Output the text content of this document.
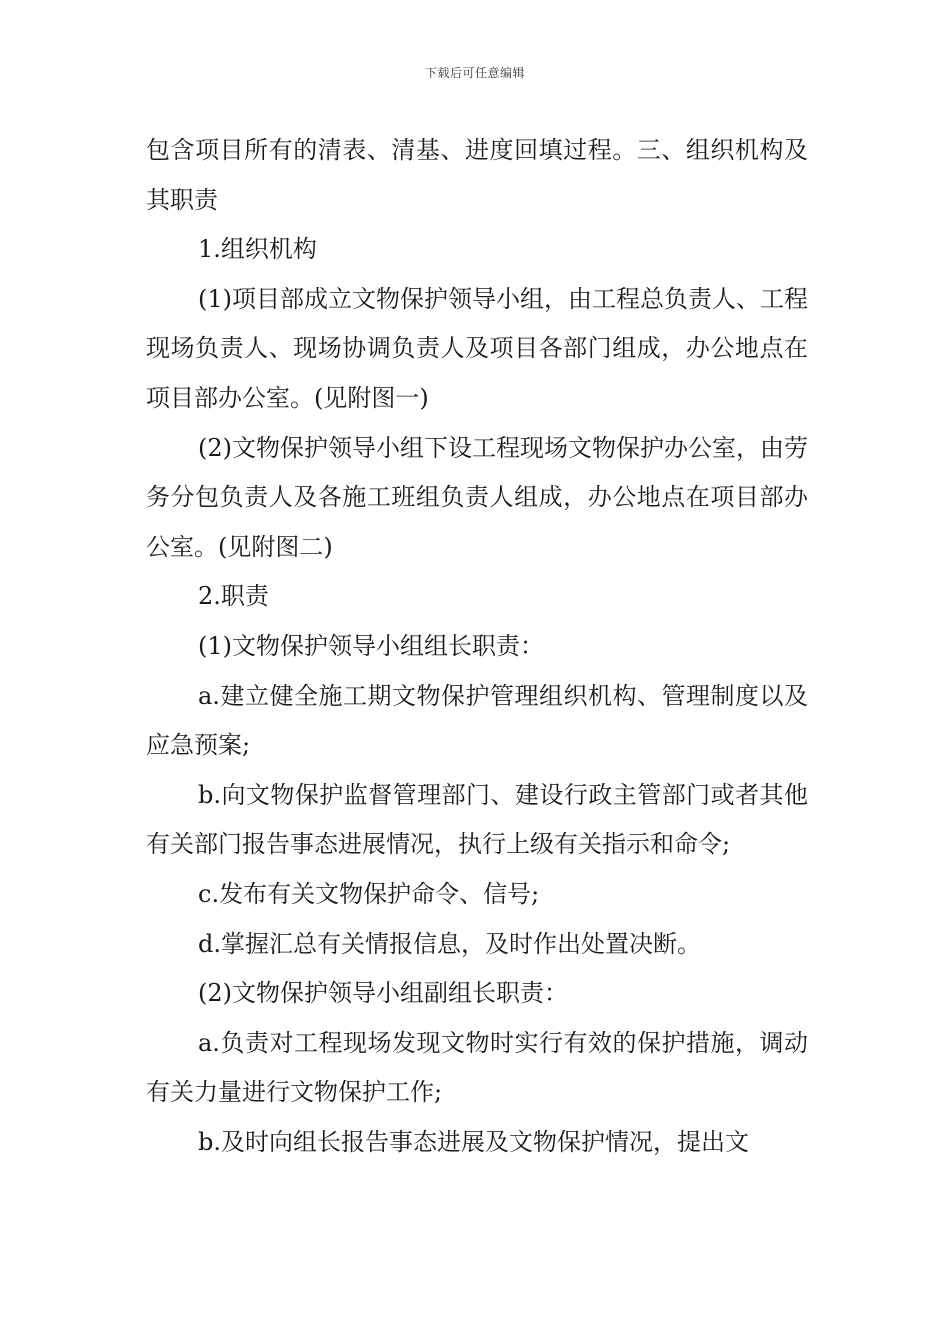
下载后可任意编辑

包含项目所有的清表、清基、进度回填过程。三、组织机构及其职责

1.组织机构

(1)项目部成立文物保护领导小组，由工程总负责人、工程现场负责人、现场协调负责人及项目各部门组成，办公地点在项目部办公室。(见附图一)

(2)文物保护领导小组下设工程现场文物保护办公室，由劳务分包负责人及各施工班组负责人组成，办公地点在项目部办公室。(见附图二)

2.职责

(1)文物保护领导小组组长职责：

a.建立健全施工期文物保护管理组织机构、管理制度以及应急预案;

b.向文物保护监督管理部门、建设行政主管部门或者其他有关部门报告事态进展情况，执行上级有关指示和命令;

c.发布有关文物保护命令、信号;

d.掌握汇总有关情报信息，及时作出处置决断。

(2)文物保护领导小组副组长职责：

a.负责对工程现场发现文物时实行有效的保护措施，调动有关力量进行文物保护工作;

b.及时向组长报告事态进展及文物保护情况，提出文
